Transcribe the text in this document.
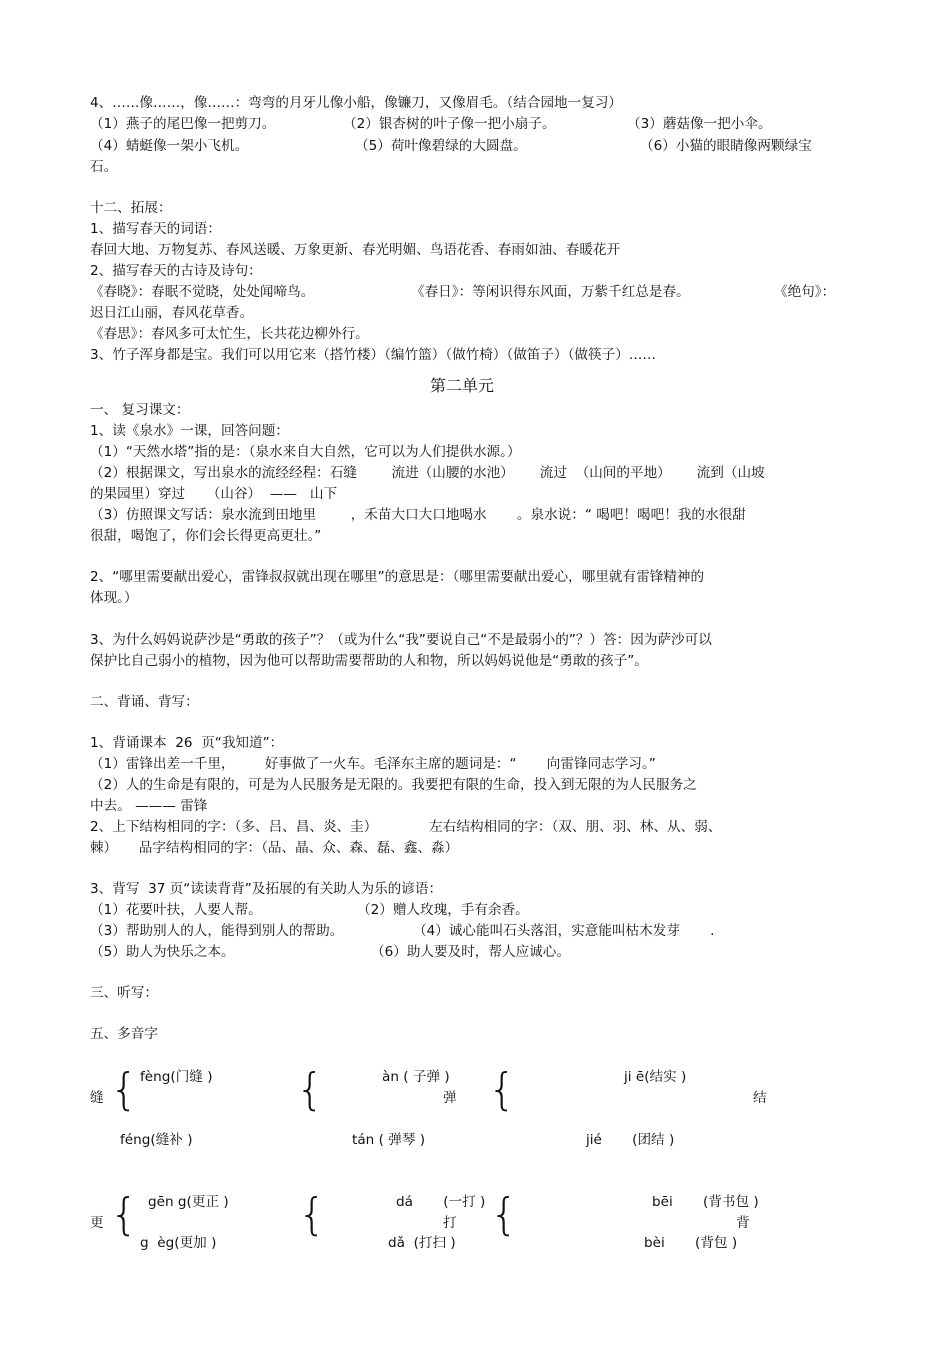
4、……像……，像……：弯弯的月牙儿像小船，像镰刀，又像眉毛。（结合园地一复习）
（1）燕子的尾巴像一把剪刀。	（2）银杏树的叶子像一把小扇子。	（3）蘑菇像一把小伞。
（4）蜻蜓像一架小飞机。	（5）荷叶像碧绿的大圆盘。	（6）小猫的眼睛像两颗绿宝
石。
十二、拓展：
1、描写春天的词语：
春回大地、万物复苏、春风送暖、万象更新、春光明媚、鸟语花香、春雨如油、春暖花开
2、描写春天的古诗及诗句：
《春晓》：春眠不觉晓，处处闻啼鸟。	《春日》：等闲识得东风面，万紫千红总是春。	《绝句》：
迟日江山丽，春风花草香。
《春思》：春风多可太忙生，长共花边柳外行。
3、竹子浑身都是宝。我们可以用它来（搭竹楼）（编竹篮）（做竹椅）（做笛子）（做筷子）……
第二单元
一、 复习课文：
1、读《泉水》一课，回答问题：
（1）“天然水塔”指的是：（泉水来自大自然，它可以为人们提供水源。）
（2）根据课文，写出泉水的流经经程：石缝        流进（山腰的水池）      流过  （山间的平地）      流到（山坡
的果园里）穿过     （山谷）  ——   山下
（3）仿照课文写话：泉水流到田地里        ，禾苗大口大口地喝水       。泉水说：“ 喝吧！喝吧！我的水很甜
很甜，喝饱了，你们会长得更高更壮。”
2、“哪里需要献出爱心，雷锋叔叔就出现在哪里”的意思是：（哪里需要献出爱心，哪里就有雷锋精神的
体现。）
3、为什么妈妈说萨沙是“勇敢的孩子”？（或为什么“我”要说自己“不是最弱小的”？）答：因为萨沙可以
保护比自己弱小的植物，因为他可以帮助需要帮助的人和物，所以妈妈说他是“勇敢的孩子”。
二、背诵、背写：
1、背诵课本  26  页“我知道”：
（1）雷锋出差一千里，       好事做了一火车。毛泽东主席的题词是：“       向雷锋同志学习。”
（2）人的生命是有限的，可是为人民服务是无限的。我要把有限的生命，投入到无限的为人民服务之
中去。 ——— 雷锋
2、上下结构相同的字：（多、吕、昌、炎、圭）            左右结构相同的字：（双、朋、羽、林、从、弱、
棘）     品字结构相同的字：（品、晶、众、森、磊、鑫、淼）
3、背写  37 页“读读背背”及拓展的有关助人为乐的谚语：
（1）花要叶扶，人要人帮。	（2）赠人玫瑰，手有余香。
（3）帮助别人的人，能得到别人的帮助。	（4）诚心能叫石头落泪，实意能叫枯木发芽       .
（5）助人为快乐之本。	（6）助人要及时，帮人应诚心。
三、听写：
五、多音字
缝 { fèng(门缝 )
féng(缝补 )
{	àn ( 子弹 )
弹
tán ( 弹琴 )
{	ji ē(结实 )
结
jié       (团结 )
更 { gēn g(更正 )
g  èg(更加 )
{	dá       (一打 )
打
dǎ  (打扫 )
{	bēi       (背书包 )
背
bèi       (背包 )
